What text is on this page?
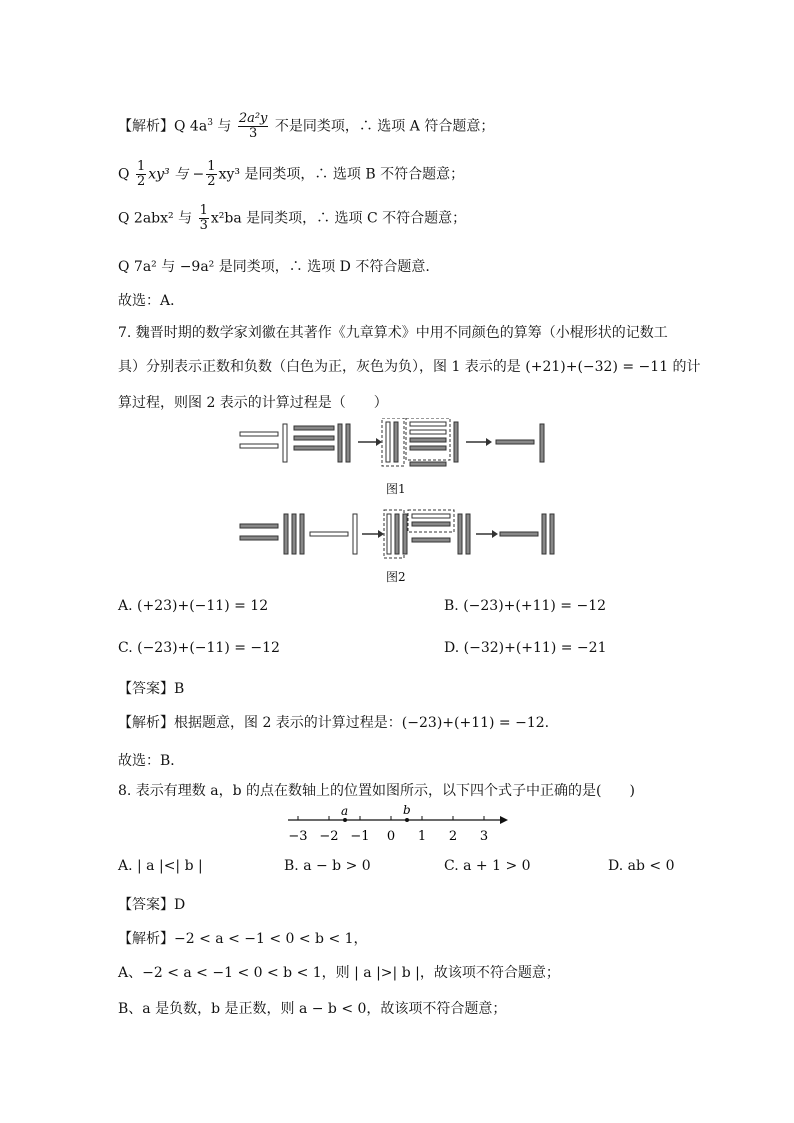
【解析】Q $4a^3$ 与 $\frac{\text{2a²y}}{3}$ 不是同类项，∴ 选项 A 符合题意；
Q $\frac{1}{2} xy^3$ 与 − $\frac{1}{2} xy^3$ 是同类项，∴ 选项 B 不符合题意；
Q 2abx² 与 $\frac{1}{3} x^2ba$ 是同类项，∴ 选项 C 不符合题意；
Q 7a² 与 −9a² 是同类项，∴ 选项 D 不符合题意.
故选：A．
7. 魏晋时期的数学家刘徽在其著作《九章算术》中用不同颜色的算筹（小棍形状的记数工
具）分别表示正数和负数（白色为正，灰色为负），图 1 表示的是 (+21)+(−32) = −11 的计
算过程，则图 2 表示的计算过程是（　　）
图1
图2
A. (+23)+(−11) = 12	B. (−23)+(+11) = −12
C. (−23)+(−11) = −12	D. (−32)+(+11) = −21
【答案】B
【解析】根据题意，图 2 表示的计算过程是：(−23)+(+11) = −12.
故选：B．
8. 表示有理数 a，b 的点在数轴上的位置如图所示，以下四个式子中正确的是(　　)
−3 −2 −1 0 1 2 3
a	b
A. | a |<| b |	B. a − b > 0	C. a + 1 > 0	D. ab < 0
【答案】D
【解析】−2 < a < −1 < 0 < b < 1，
A、−2 < a < −1 < 0 < b < 1，则 | a |>| b |，故该项不符合题意；
B、a 是负数，b 是正数，则 a − b < 0，故该项不符合题意；
